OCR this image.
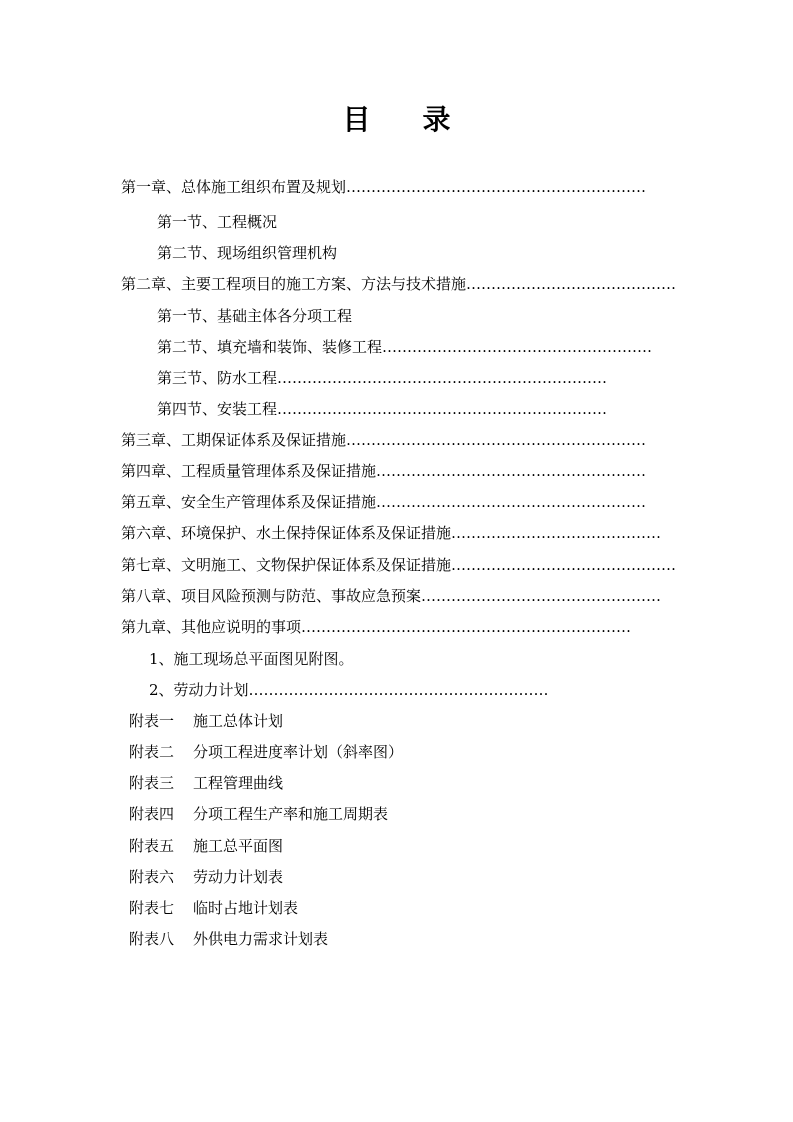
目 录
第一章、总体施工组织布置及规划……………………………………………………
第一节、工程概况
第二节、现场组织管理机构
第二章、主要工程项目的施工方案、方法与技术措施……………………………………
第一节、基础主体各分项工程
第二节、填充墙和装饰、装修工程………………………………………………
第三节、防水工程…………………………………………………………
第四节、安装工程…………………………………………………………
第三章、工期保证体系及保证措施……………………………………………………
第四章、工程质量管理体系及保证措施………………………………………………
第五章、安全生产管理体系及保证措施………………………………………………
第六章、环境保护、水土保持保证体系及保证措施……………………………………
第七章、文明施工、文物保护保证体系及保证措施………………………………………
第八章、项目风险预测与防范、事故应急预案…………………………………………
第九章、其他应说明的事项…………………………………………………………
1、施工现场总平面图见附图。
2、劳动力计划……………………………………………………
附表一 施工总体计划
附表二 分项工程进度率计划（斜率图）
附表三 工程管理曲线
附表四 分项工程生产率和施工周期表
附表五 施工总平面图
附表六 劳动力计划表
附表七 临时占地计划表
附表八 外供电力需求计划表
